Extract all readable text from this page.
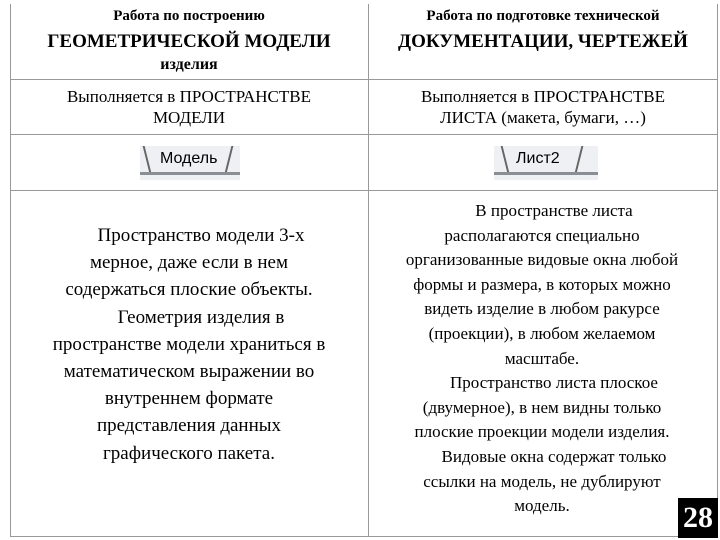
Работа по построению
ГЕОМЕТРИЧЕСКОЙ МОДЕЛИ
изделия
Работа по подготовке технической
ДОКУМЕНТАЦИИ, ЧЕРТЕЖЕЙ
Выполняется в ПРОСТРАНСТВЕ
МОДЕЛИ
Выполняется в ПРОСТРАНСТВЕ
ЛИСТА (макета, бумаги, …)
Модель	Лист2
Пространство модели 3-х
мерное, даже если в нем
содержаться плоские объекты.
Геометрия изделия в
пространстве модели храниться в
математическом выражении во
внутреннем формате
представления данных
графического пакета.
В пространстве листа
располагаются специально
организованные видовые окна любой
формы и размера, в которых можно
видеть изделие в любом ракурсе
(проекции), в любом желаемом
масштабе.
Пространство листа плоское
(двумерное), в нем видны только
плоские проекции модели изделия.
Видовые окна содержат только
ссылки на модель, не дублируют
модель.	28
